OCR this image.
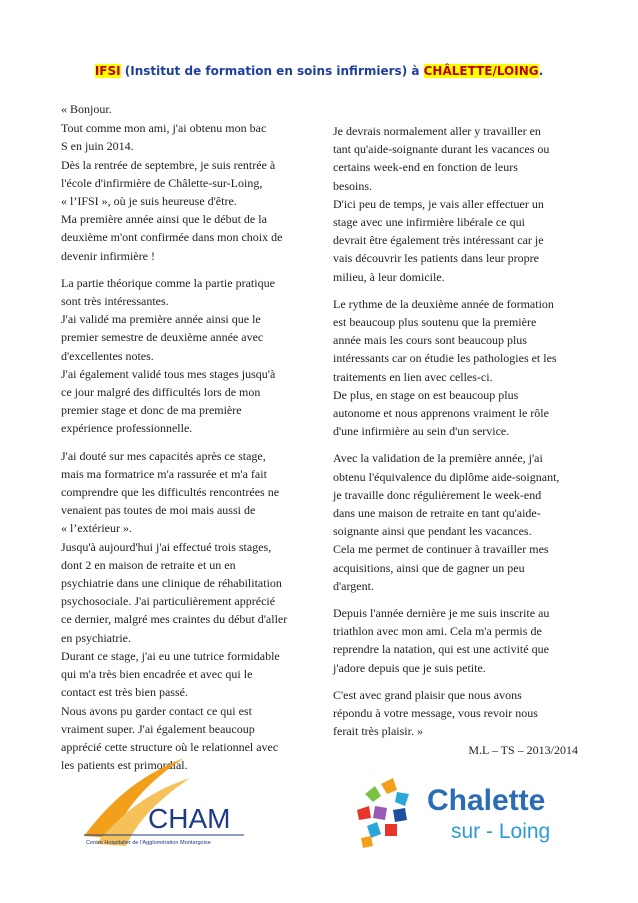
IFSI (Institut de formation en soins infirmiers) à CHÂLETTE/LOING.

« Bonjour.

Tout comme mon ami, j'ai obtenu mon bac
S en juin 2014.
Dès la rentrée de septembre, je suis rentrée à
l'école d'infirmière de Châlette-sur-Loing,
« l’IFSI », où je suis heureuse d'être.
Ma première année ainsi que le début de la
deuxième m'ont confirmée dans mon choix de
devenir infirmière !

La partie théorique comme la partie pratique
sont très intéressantes.
J'ai validé ma première année ainsi que le
premier semestre de deuxième année avec
d'excellentes notes.
J'ai également validé tous mes stages jusqu'à
ce jour malgré des difficultés lors de mon
premier stage et donc de ma première
expérience professionnelle.

J'ai douté sur mes capacités après ce stage,
mais ma formatrice m'a rassurée et m'a fait
comprendre que les difficultés rencontrées ne
venaient pas toutes de moi mais aussi de
« l’extérieur ».
Jusqu'à aujourd'hui j'ai effectué trois stages,
dont 2 en maison de retraite et un en
psychiatrie dans une clinique de réhabilitation
psychosociale. J'ai particulièrement apprécié
ce dernier, malgré mes craintes du début d'aller
en psychiatrie.
Durant ce stage, j'ai eu une tutrice formidable
qui m'a très bien encadrée et avec qui le
contact est très bien passé.
Nous avons pu garder contact ce qui est
vraiment super. J'ai également beaucoup
apprécié cette structure où le relationnel avec
les patients est primordial.

Je devrais normalement aller y travailler en
tant qu'aide-soignante durant les vacances ou
certains week-end en fonction de leurs
besoins.
D'ici peu de temps, je vais aller effectuer un
stage avec une infirmière libérale ce qui
devrait être également très intéressant car je
vais découvrir les patients dans leur propre
milieu, à leur domicile.

Le rythme de la deuxième année de formation
est beaucoup plus soutenu que la première
année mais les cours sont beaucoup plus
intéressants car on étudie les pathologies et les
traitements en lien avec celles-ci.
De plus, en stage on est beaucoup plus
autonome et nous apprenons vraiment le rôle
d'une infirmière au sein d'un service.

Avec la validation de la première année, j'ai
obtenu l'équivalence du diplôme aide-soignant,
je travaille donc régulièrement le week-end
dans une maison de retraite en tant qu'aide-
soignante ainsi que pendant les vacances.
Cela me permet de continuer à travailler mes
acquisitions, ainsi que de gagner un peu
d'argent.

Depuis l'année dernière je me suis inscrite au
triathlon avec mon ami. Cela m'a permis de
reprendre la natation, qui est une activité que
j'adore depuis que je suis petite.

C'est avec grand plaisir que nous avons
répondu à votre message, vous revoir nous
ferait très plaisir. »

M.L – TS – 2013/2014
CHAM
Centre Hospitalier de l'Agglomération Montargoise
Chalette
sur - Loing
